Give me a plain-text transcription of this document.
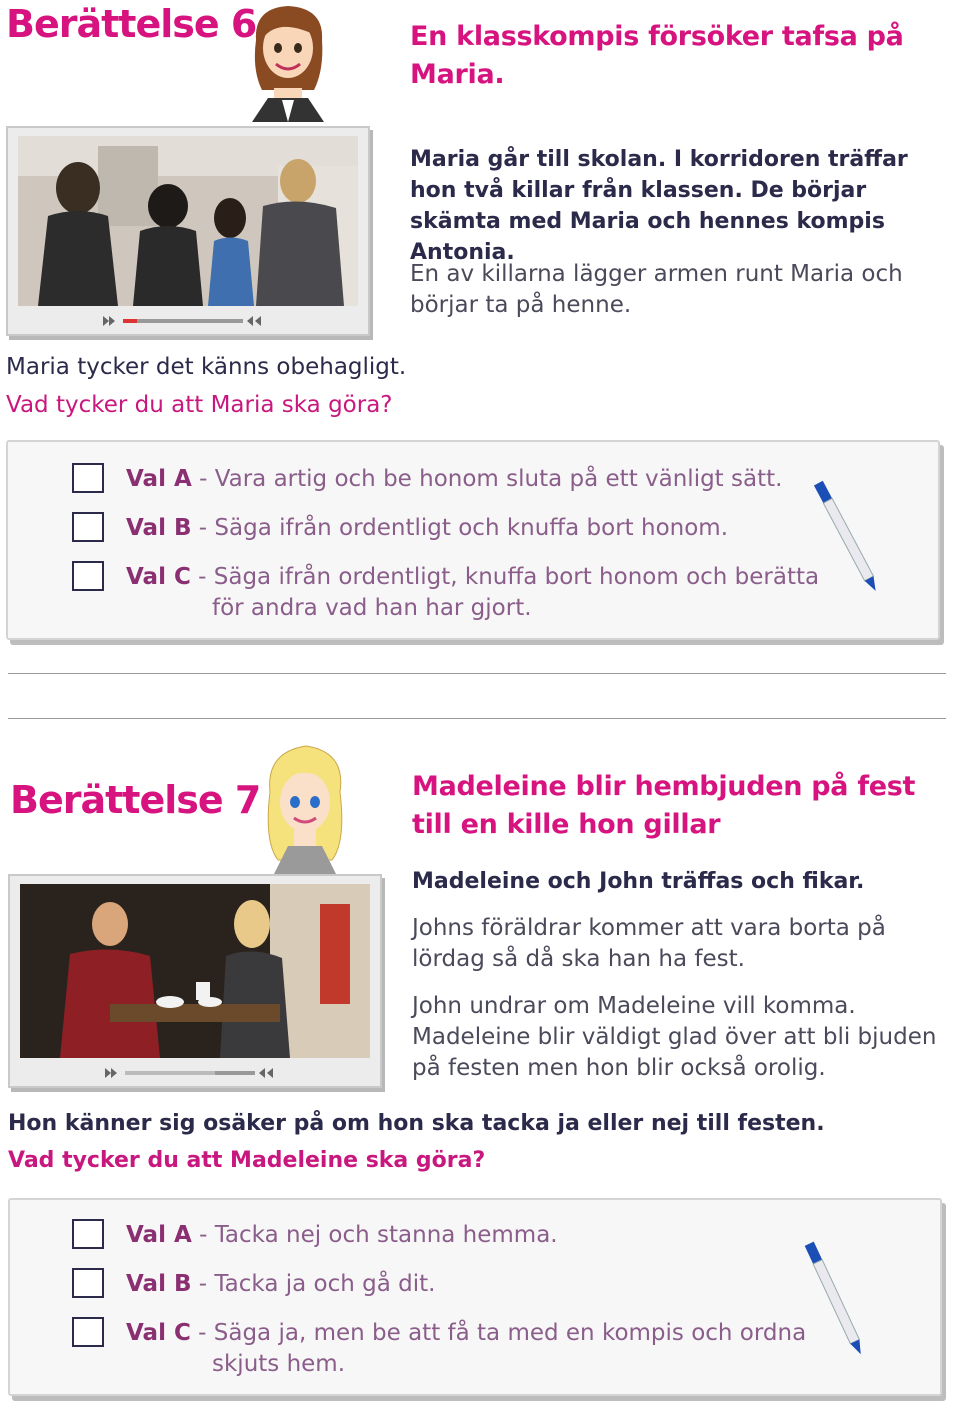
Berättelse 6	En klasskompis försöker tafsa på Maria.
Maria går till skolan. I korridoren träffar hon två killar från klassen. De börjar skämta med Maria och hennes kompis Antonia.
En av killarna lägger armen runt Maria och börjar ta på henne.
Maria tycker det känns obehagligt.
Vad tycker du att Maria ska göra?
Val A - Vara artig och be honom sluta på ett vänligt sätt.
Val B - Säga ifrån ordentligt och knuffa bort honom.
Val C - Säga ifrån ordentligt, knuffa bort honom och berätta
för andra vad han har gjort.
Berättelse 7	Madeleine blir hembjuden på fest till en kille hon gillar
Madeleine och John träffas och fikar.
Johns föräldrar kommer att vara borta på lördag så då ska han ha fest.
John undrar om Madeleine vill komma. Madeleine blir väldigt glad över att bli bjuden på festen men hon blir också orolig.
Hon känner sig osäker på om hon ska tacka ja eller nej till festen.
Vad tycker du att Madeleine ska göra?
Val A - Tacka nej och stanna hemma.
Val B - Tacka ja och gå dit.
Val C - Säga ja, men be att få ta med en kompis och ordna
skjuts hem.
